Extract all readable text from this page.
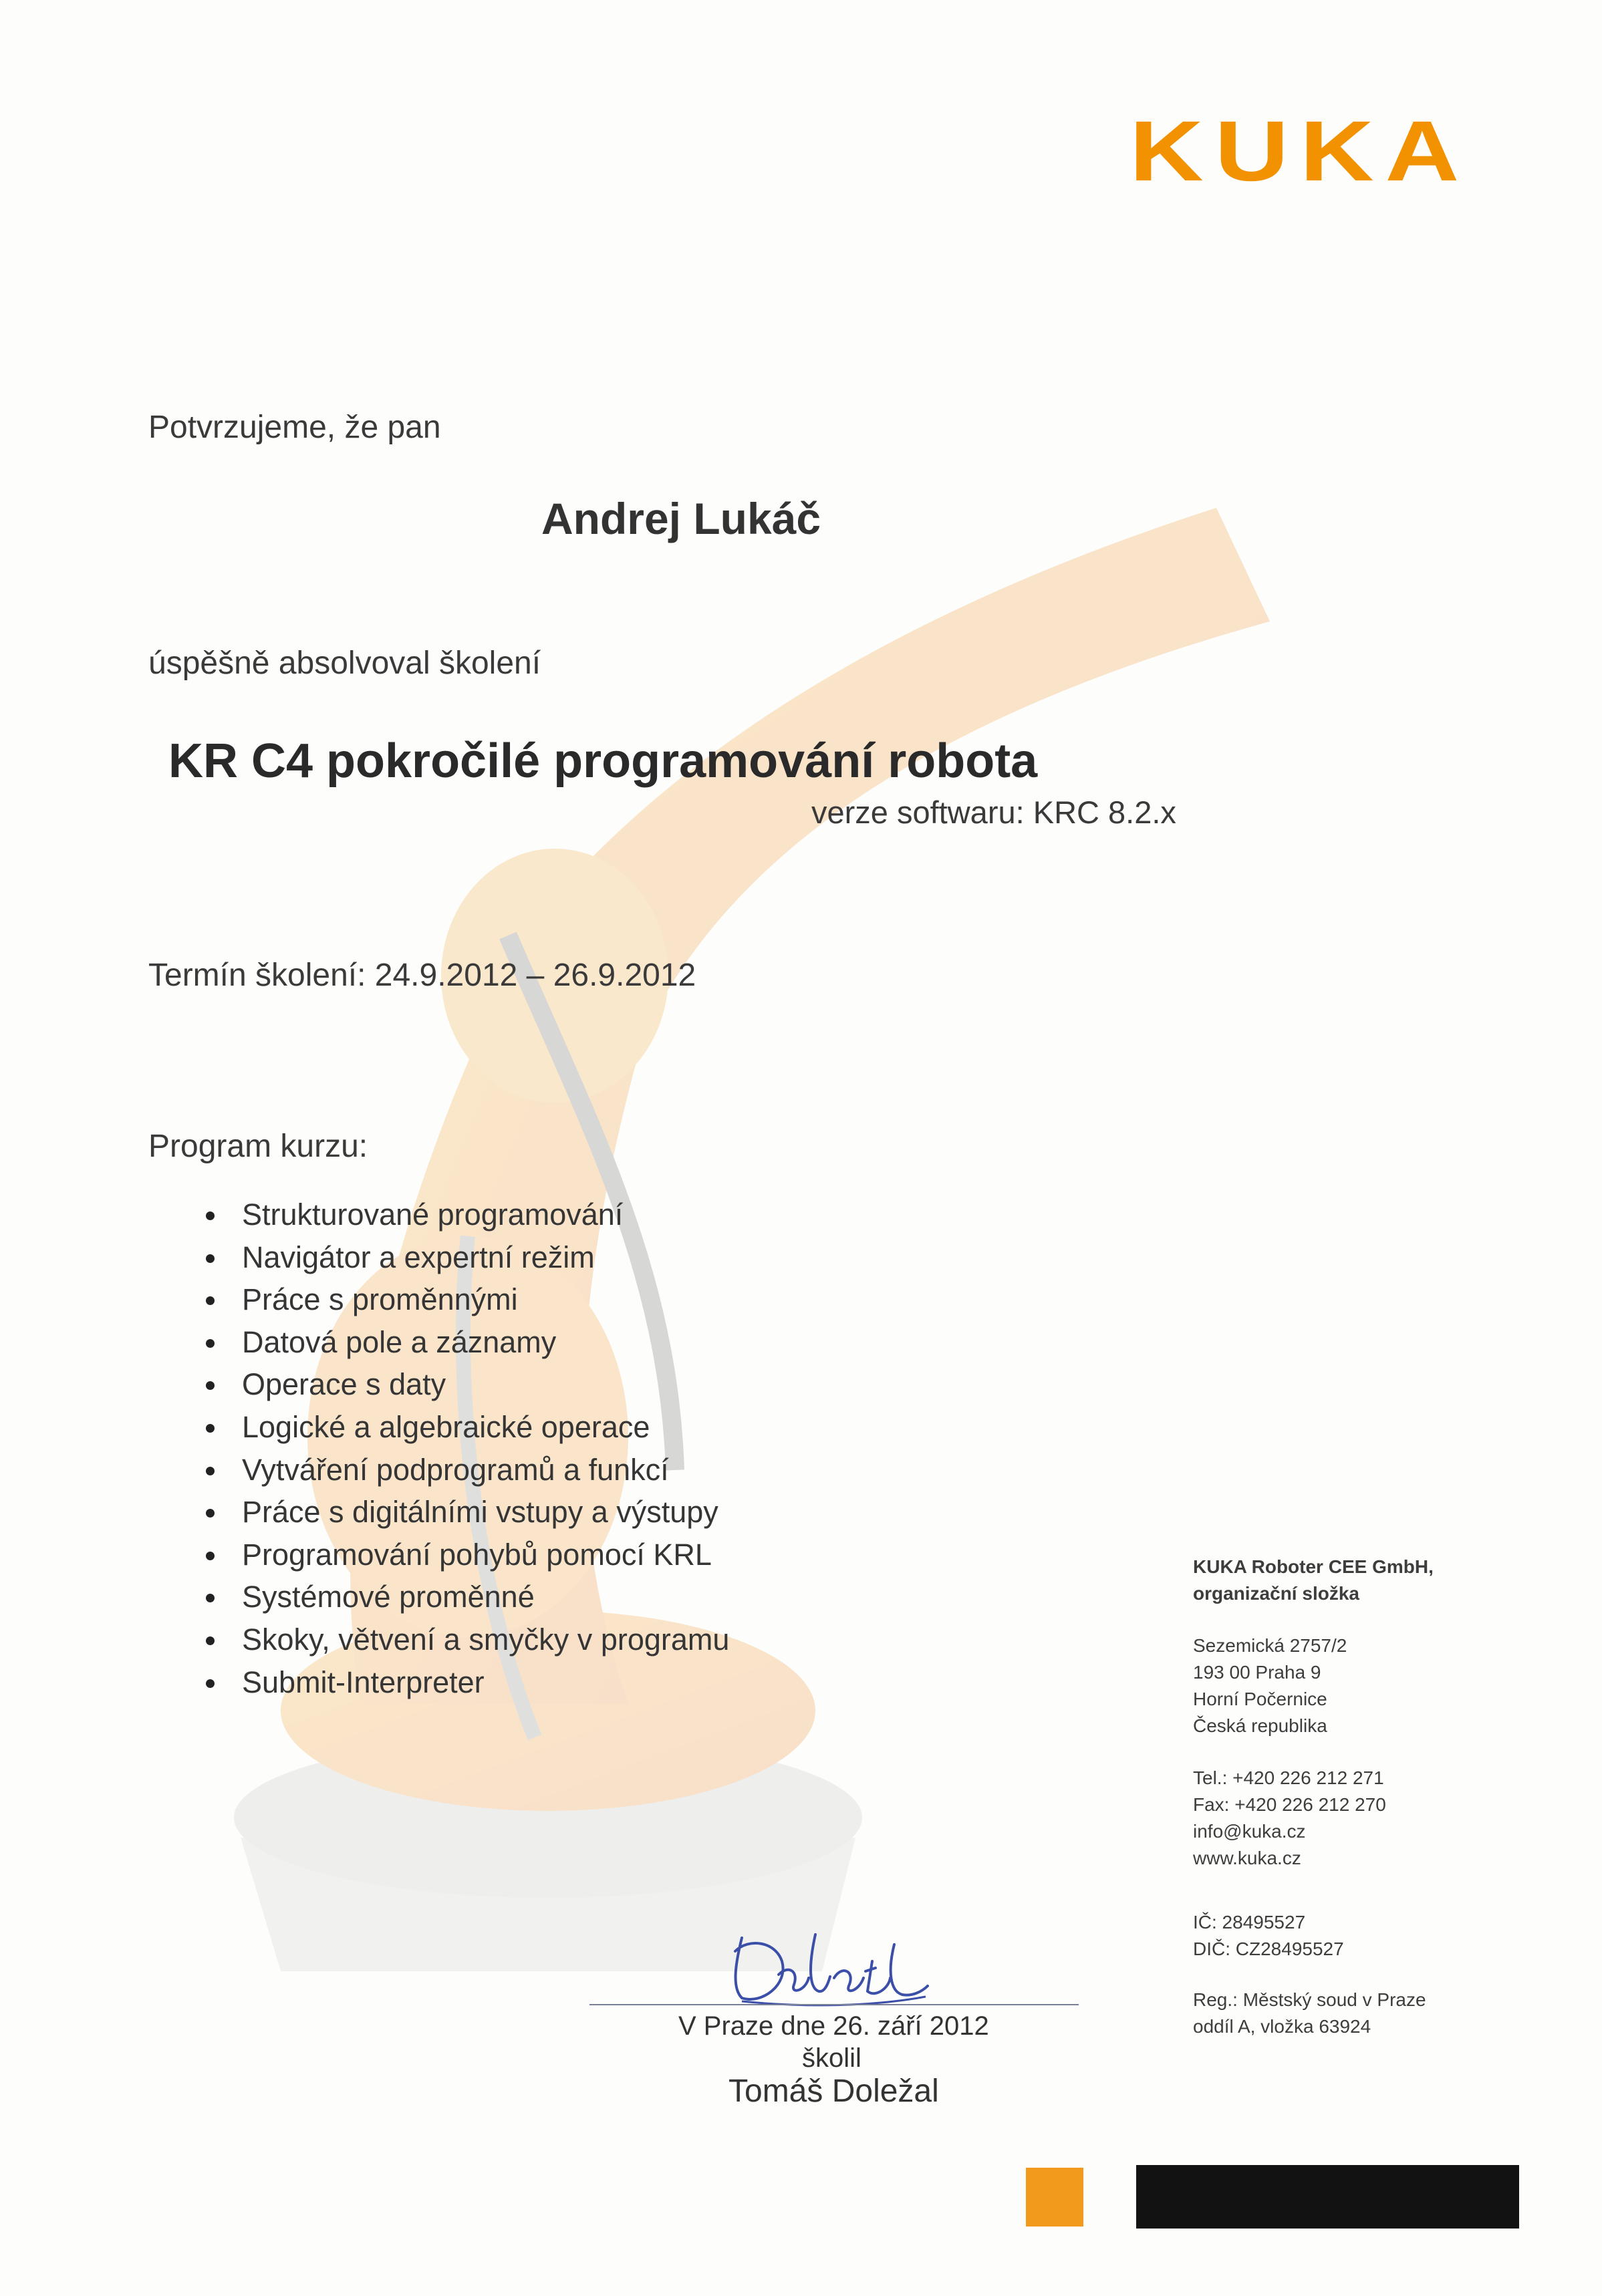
KUKA
Potvrzujeme, že pan
Andrej Lukáč
úspěšně absolvoval školení
KR C4 pokročilé programování robota
verze softwaru: KRC 8.2.x
Termín školení: 24.9.2012 – 26.9.2012
Program kurzu:
Strukturované programování
Navigátor a expertní režim
Práce s proměnnými
Datová pole a záznamy
Operace s daty
Logické a algebraické operace
Vytváření podprogramů a funkcí
Práce s digitálními vstupy a výstupy
Programování pohybů pomocí KRL
Systémové proměnné
Skoky, větvení a smyčky v programu
Submit-Interpreter
V Praze dne 26. září 2012
školil
Tomáš Doležal
KUKA Roboter CEE GmbH,
organizační složka
Sezemická 2757/2
193 00 Praha 9
Horní Počernice
Česká republika
Tel.: +420 226 212 271
Fax: +420 226 212 270
info@kuka.cz
www.kuka.cz
IČ: 28495527
DIČ: CZ28495527
Reg.: Městský soud v Praze
oddíl A, vložka 63924
